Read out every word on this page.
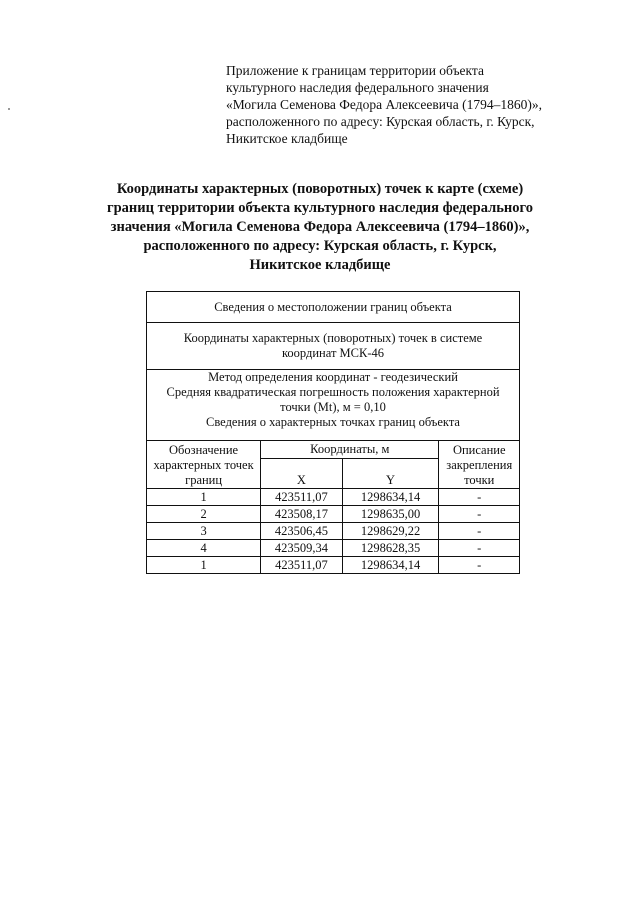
Приложение к границам территории объекта
культурного наследия федерального значения
«Могила Семенова Федора Алексеевича (1794–1860)»,
расположенного по адресу: Курская область, г. Курск,
Никитское кладбище
Координаты характерных (поворотных) точек к карте (схеме)
границ территории объекта культурного наследия федерального
значения «Могила Семенова Федора Алексеевича (1794–1860)»,
расположенного по адресу: Курская область, г. Курск,
Никитское кладбище
Сведения о местоположении границ объекта			

Координаты характерных (поворотных) точек в системе
координат МСК-46			

Метод определения координат - геодезический
Средняя квадратическая погрешность положения характерной
точки (Mt), м = 0,10
Сведения о характерных точках границ объекта			

Обозначение характерных точек границ	Координаты, м		Описание закрепления точки
	X	Y	
1	423511,07	1298634,14	-
2	423508,17	1298635,00	-
3	423506,45	1298629,22	-
4	423509,34	1298628,35	-
1	423511,07	1298634,14	-
